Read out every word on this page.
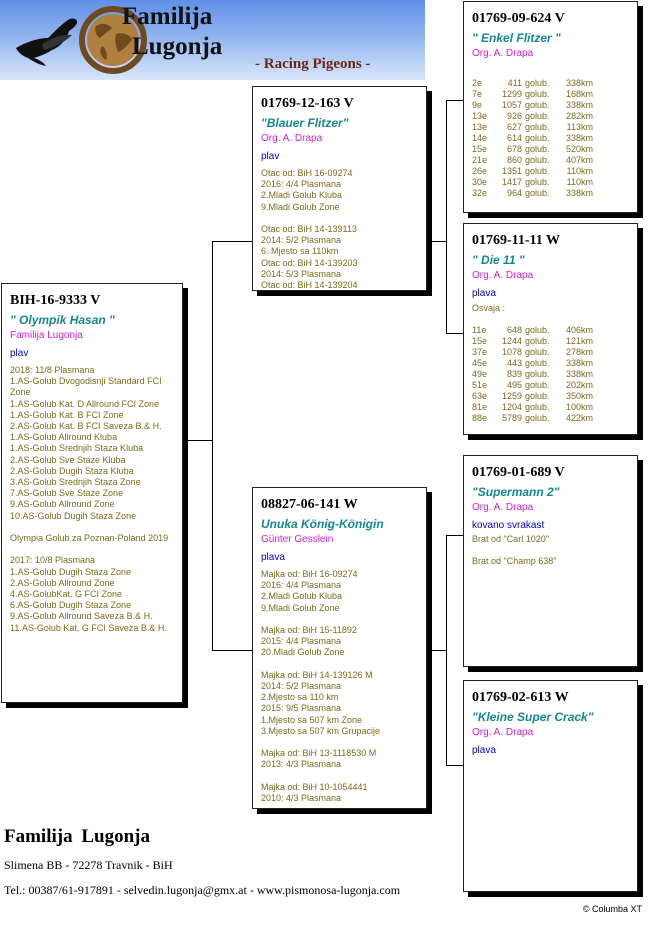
Familija
Lugonja
- Racing Pigeons -
BIH-16-9333 V
" Olympik Hasan "
Familija Lugonja
plav
2018: 11/8 Plasmana
1.AS-Golub Dvogodisnji Standard FCI Zone
1.AS-Golub Kat. D Allround FCI Zone
1.AS-Golub Kat. B FCI Zone
2.AS-Golub Kat. B FCI Saveza B.& H.
1.AS-Golub Allround Kluba
1.AS-Golub Srednjih Staza Kluba
2.AS-Golub Sve Staze Kluba
2.AS-Golub Dugih Staza Kluba
3.AS-Golub Srednjih Staza Zone
7.AS-Golub Sve Staze Zone
9.AS-Golub Allround Zone
10.AS-Golub Dugih Staza Zone
Olympia Golub za Poznan-Poland 2019
2017: 10/8 Plasmana
1.AS-Golub Dugih Staza Zone
2.AS-Golub Allround Zone
4.AS-GolubKat. G FCI Zone
6.AS-Golub Dugih Staza Zone
9.AS-Golub Allround Saveza B.& H.
11.AS-Golub Kat. G FCI Saveza B.& H.
01769-12-163 V
"Blauer Flitzer"
Org. A. Drapa
plav
Otac od: BiH 16-09274
2016: 4/4 Plasmana
2.Mladi Golub Kluba
9.Mladi Golub Zone
Otac od: BiH 14-139113
2014: 5/2 Plasmana
6. Mjesto sa 110km
Otac od: BiH 14-139203
2014: 5/3 Plasmana
Otac od: BiH 14-139204
08827-06-141 W
Unuka König-Königin
Günter Gesslein
plava
Majka od: BiH 16-09274
2016: 4/4 Plasmana
2.Mladi Golub Kluba
9.Mladi Golub Zone
Majka od: BiH 15-11892
2015: 4/4 Plasmana
20.Mladi Golub Zone
Majka od: BiH 14-139126 M
2014: 5/2 Plasmana
2.Mjesto sa 110 km
2015: 9/5 Plasmana
1.Mjesto sa 507 km Zone
3.Mjesto sa 507 km Grupacije
Majka od: BiH 13-1118530 M
2013: 4/3 Plasmana
Majka od: BiH 10-1054441
2010: 4/3 Plasmana
01769-09-624 V
" Enkel Flitzer "
Org. A. Drapa
2e	411	golub.	338km
7e	1299	golub.	168km
9e	1057	golub.	338km
13e	926	golub.	282km
13e	627	golub.	113km
14e	614	golub.	338km
15e	678	golub.	520km
21e	860	golub.	407km
26e	1351	golub.	110km
30e	1417	golub.	110km
32e	964	golub.	338km
01769-11-11 W
" Die 11 "
Org. A. Drapa
plava
Osvaja :
11e	648	golub.	406km
15e	1244	golub.	121km
37e	1078	golub.	278km
45e	443	golub.	338km
49e	839	golub.	338km
51e	495	golub.	202km
63e	1259	golub.	350km
81e	1204	golub.	100km
88e	5789	golub.	422km
01769-01-689 V
"Supermann 2"
Org. A. Drapa
kovano svrakast
Brat od "Carl 1020"
Brat od "Champ 638"
01769-02-613 W
"Kleine Super Crack"
Org. A. Drapa
plava
Familija Lugonja
Slimena BB - 72278 Travnik - BiH
Tel.: 00387/61-917891 - selvedin.lugonja@gmx.at - www.pismonosa-lugonja.com
© Columba XT
